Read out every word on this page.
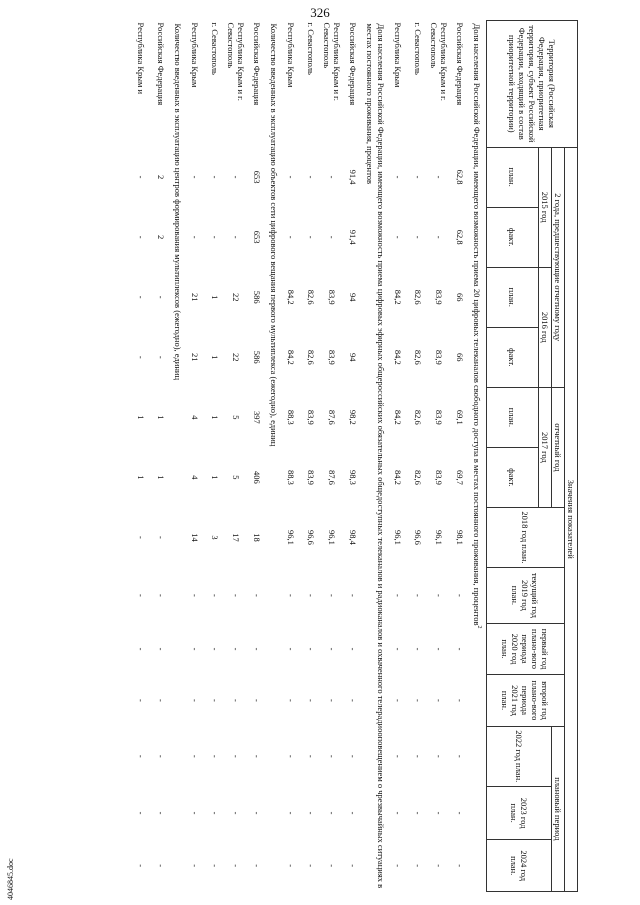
326
4046845.doc
Территория (Российская Федерация, приоритетная территория, субъект Российской Федерации, входящий в состав приоритетной территории)	Значения показателей												
	2 года, предшествующие отчетному году				отчетный год		2018 год план.	текущий год 2019 год план.	первый год плано-вого периода 2020 год план.	второй год плано-вого периода 2021 год план.	плановый период		
	2015 год		2016 год		2017 год						2022 год план.	2023 год план.	2024 год план.
	план.	факт.	план.	факт.	план.	факт.							
Доля населения Российской Федерации, имеющего возможность приема 20 цифровых телеканалов свободного доступа в местах постоянного проживания, процентов$^2$
Российская Федерация	62,8	62,8	66	66	69,1	69,7	98,1	-	-	-	-	-	-
Республика Крым и г. Севастополь	-	-	83,9	83,9	83,9	83,9	96,1	-	-	-	-	-	-
г. Севастополь	-	-	82,6	82,6	82,6	82,6	96,6	-	-	-	-	-	-
Республика Крым	-	-	84,2	84,2	84,2	84,2	96,1	-	-	-	-	-	-
Доля населения Российской Федерации, имеющего возможность приема цифровых эфирных общероссийских обязательных общедоступных телеканалов и радиоканалов и охваченного телерадиооповещением о чрезвычайных ситуациях в местах постоянного проживания, процентов													
Российская Федерация	91,4	91,4	94	94	98,2	98,3	98,4	-	-	-	-	-	-
Республика Крым и г. Севастополь	-	-	83,9	83,9	87,6	87,6	96,1	-	-	-	-	-	-
г. Севастополь	-	-	82,6	82,6	83,9	83,9	96,6	-	-	-	-	-	-
Республика Крым	-	-	84,2	84,2	88,3	88,3	96,1	-	-	-	-	-	-
Количество введенных в эксплуатацию объектов сети цифрового вещания первого мультиплекса (ежегодно), единиц													
Российская Федерация	653	653	586	586	397	406	18	-	-	-	-	-	-
Республика Крым и г. Севастополь	-	-	22	22	5	5	17	-	-	-	-	-	-
г. Севастополь	-	-	1	1	1	1	3	-	-	-	-	-	-
Республика Крым	-	-	21	21	4	4	14	-	-	-	-	-	-
Количество введенных в эксплуатацию центров формирования мультиплексов (ежегодно), единиц													
Российская Федерация	2	2	-	-	1	1	-	-	-	-	-	-	-
Республика Крым и	-	-	-	-	1	1	-	-	-	-	-	-	-
